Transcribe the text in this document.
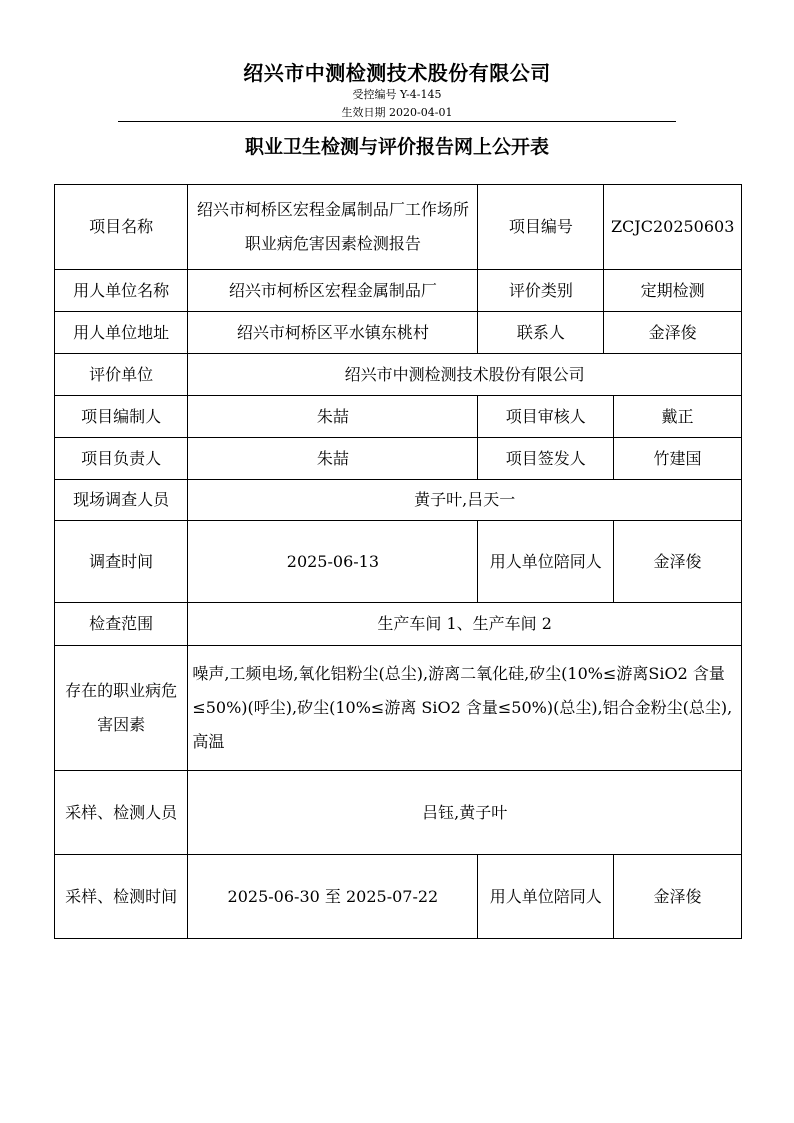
绍兴市中测检测技术股份有限公司
受控编号 Y-4-145
生效日期 2020-04-01
职业卫生检测与评价报告网上公开表
项目名称	绍兴市柯桥区宏程金属制品厂工作场所职业病危害因素检测报告	项目编号	ZCJC20250603	
用人单位名称	绍兴市柯桥区宏程金属制品厂	评价类别	定期检测	
用人单位地址	绍兴市柯桥区平水镇东桃村	联系人	金泽俊	
评价单位	绍兴市中测检测技术股份有限公司			
项目编制人	朱喆	项目审核人		戴正
项目负责人	朱喆	项目签发人		竹建国
现场调查人员	黄子叶,吕天一			
调查时间	2025-06-13	用人单位陪同人		金泽俊
检查范围	生产车间 1、生产车间 2			
存在的职业病危害因素	噪声,工频电场,氧化铝粉尘(总尘),游离二氧化硅,矽尘(10%≤游离SiO2 含量≤50%)(呼尘),矽尘(10%≤游离 SiO2 含量≤50%)(总尘),铝合金粉尘(总尘),高温			
采样、检测人员	吕钰,黄子叶			
采样、检测时间	2025-06-30 至 2025-07-22	用人单位陪同人		金泽俊
